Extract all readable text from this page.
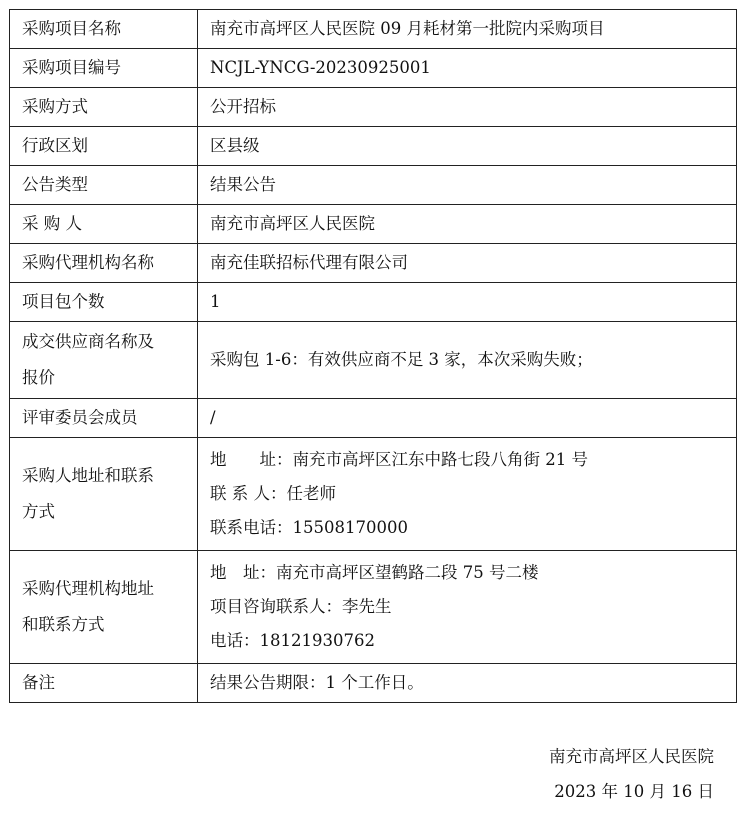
采购项目名称	南充市高坪区人民医院 09 月耗材第一批院内采购项目
采购项目编号	NCJL-YNCG-20230925001
采购方式	公开招标
行政区划	区县级
公告类型	结果公告
采 购 人	南充市高坪区人民医院
采购代理机构名称	南充佳联招标代理有限公司
项目包个数	1

成交供应商名称及
报价	采购包 1-6：有效供应商不足 3 家，本次采购失败；
评审委员会成员	/

采购人地址和联系
方式	地　　址：南充市高坪区江东中路七段八角街 21 号
联 系 人：任老师
联系电话：15508170000

采购代理机构地址
和联系方式	地　址：南充市高坪区望鹤路二段 75 号二楼
项目咨询联系人：李先生
电话：18121930762

备注	结果公告期限：1 个工作日。
南充市高坪区人民医院
2023 年 10 月 16 日
